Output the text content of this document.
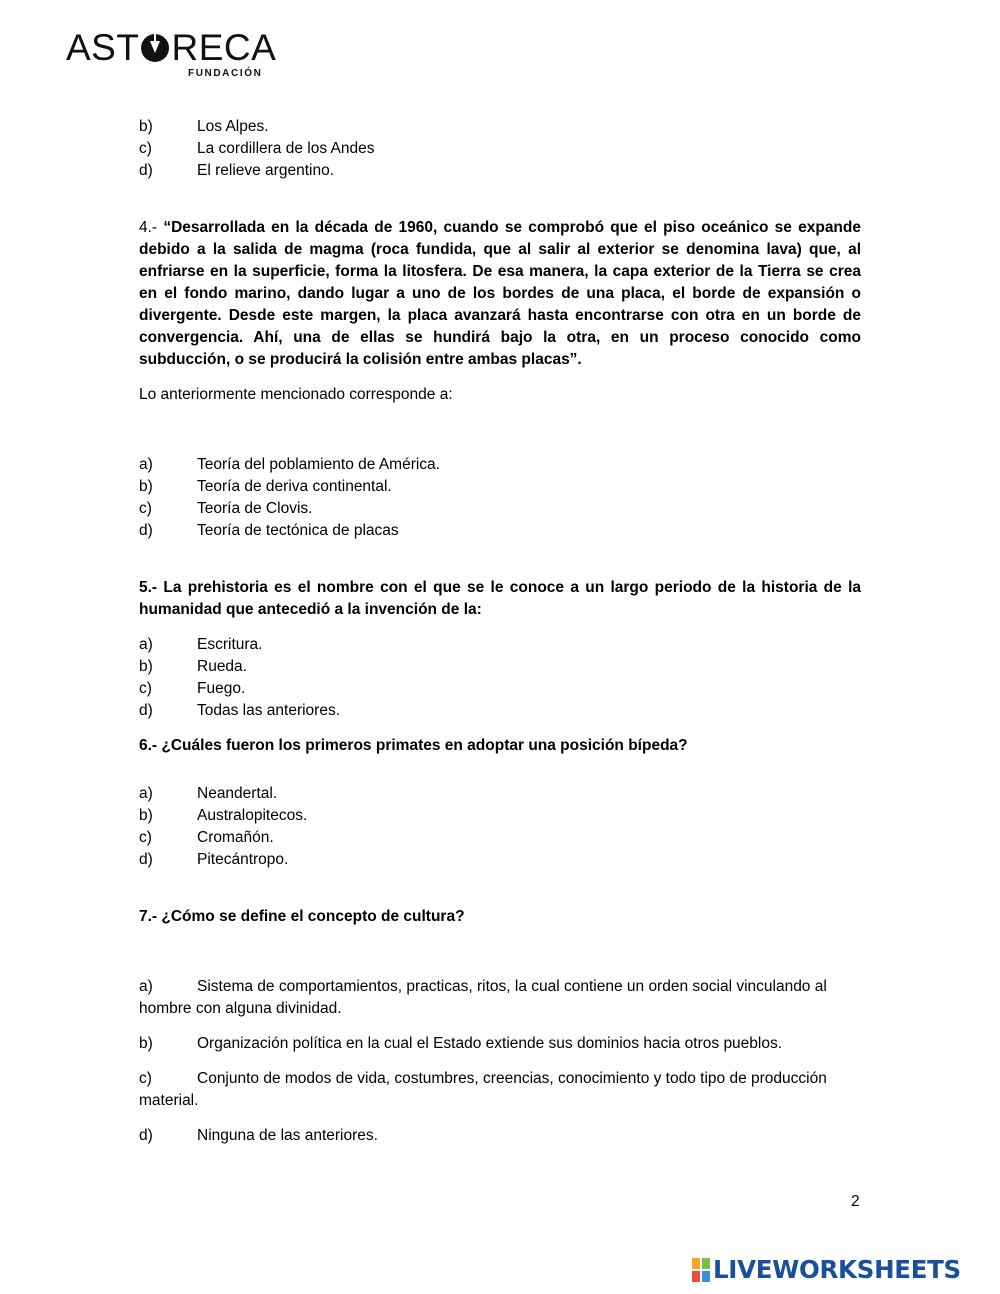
AST RECA
FUNDACIÓN
b)	Los Alpes.
c)	La cordillera de los Andes
d)	El relieve argentino.
4.- “Desarrollada en la década de 1960, cuando se comprobó que el piso oceánico se expande debido a la salida de magma (roca fundida, que al salir al exterior se denomina lava) que, al enfriarse en la superficie, forma la litosfera. De esa manera, la capa exterior de la Tierra se crea en el fondo marino, dando lugar a uno de los bordes de una placa, el borde de expansión o divergente. Desde este margen, la placa avanzará hasta encontrarse con otra en un borde de convergencia. Ahí, una de ellas se hundirá bajo la otra, en un proceso conocido como subducción, o se producirá la colisión entre ambas placas”.
Lo anteriormente mencionado corresponde a:
a)	Teoría del poblamiento de América.
b)	Teoría de deriva continental.
c)	Teoría de Clovis.
d)	Teoría de tectónica de placas
5.- La prehistoria es el nombre con el que se le conoce a un largo periodo de la historia de la humanidad que antecedió a la invención de la:
a)	Escritura.
b)	Rueda.
c)	Fuego.
d)	Todas las anteriores.
6.- ¿Cuáles fueron los primeros primates en adoptar una posición bípeda?
a)	Neandertal.
b)	Australopitecos.
c)	Cromañón.
d)	Pitecántropo.
7.- ¿Cómo se define el concepto de cultura?
a)	Sistema de comportamientos, practicas, ritos, la cual contiene un orden social vinculando al hombre con alguna divinidad.
b)	Organización política en la cual el Estado extiende sus dominios hacia otros pueblos.
c)	Conjunto de modos de vida, costumbres, creencias, conocimiento y todo tipo de producción material.
d)	Ninguna de las anteriores.
2
LIVEWORKSHEETS
